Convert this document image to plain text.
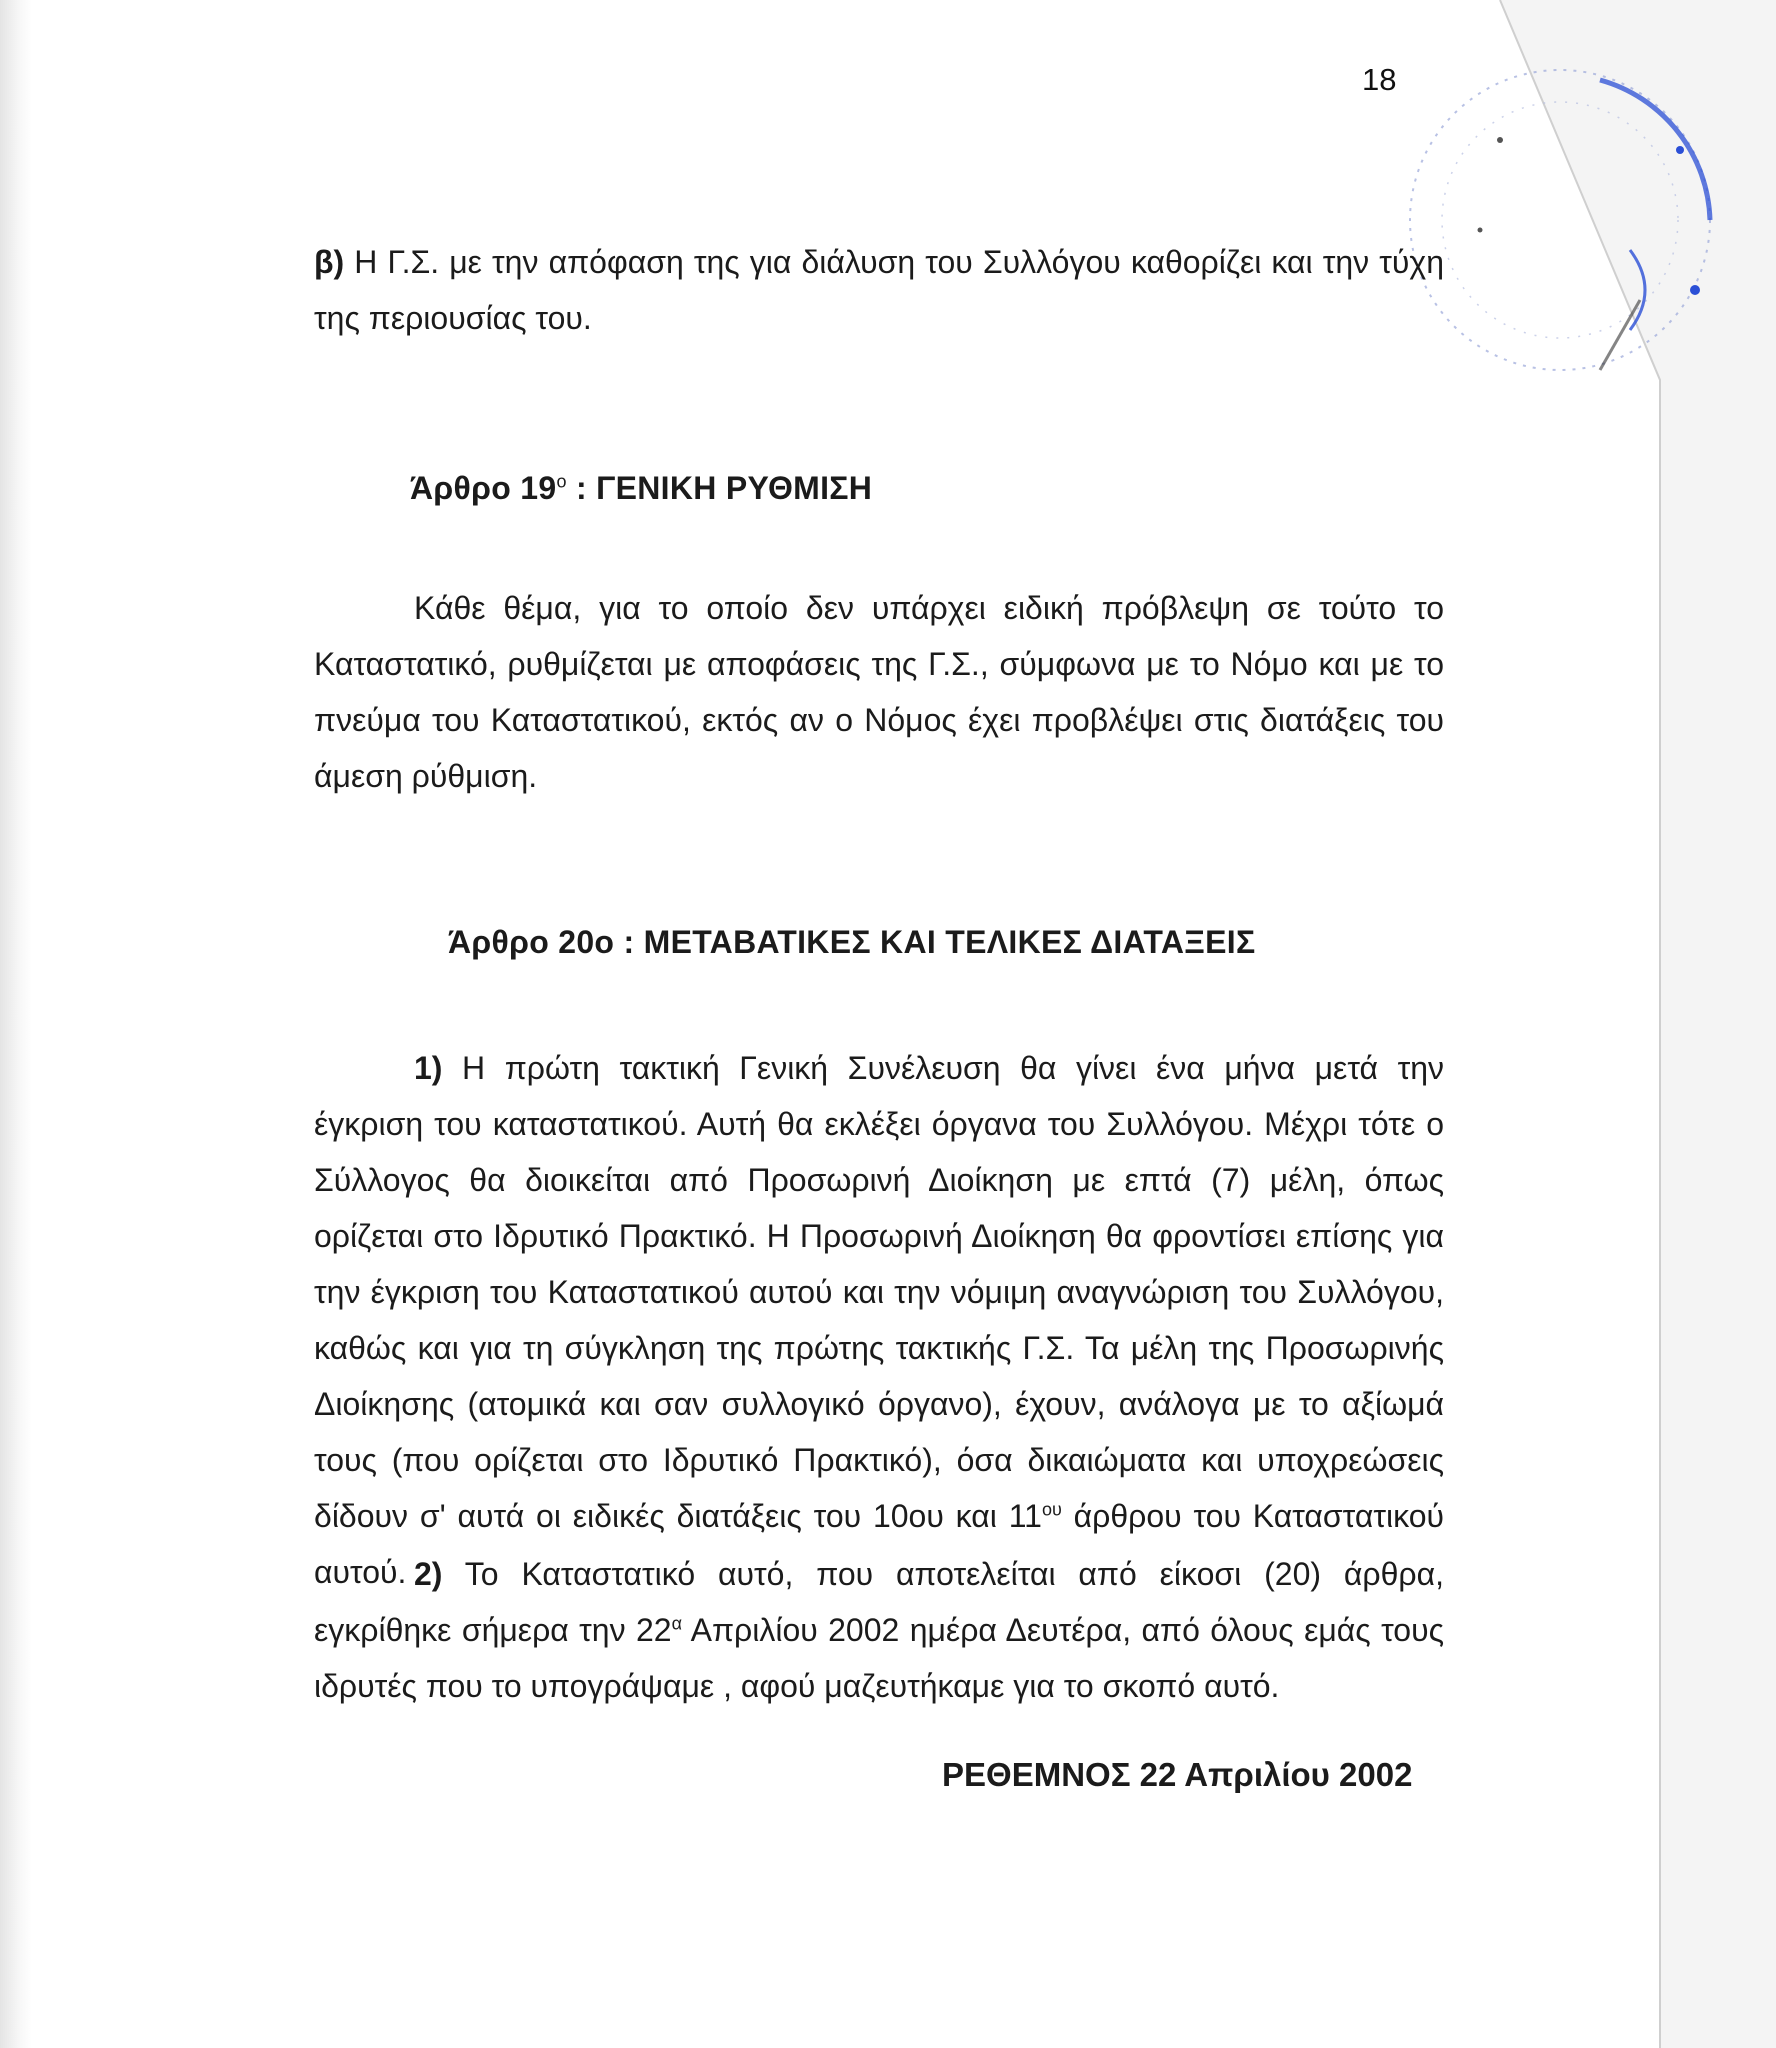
18
β) Η Γ.Σ. με την απόφαση της για διάλυση του Συλλόγου καθορίζει και την τύχη της περιουσίας του.
Άρθρο $19^o$ : ΓΕΝΙΚΗ ΡΥΘΜΙΣΗ
Κάθε θέμα, για το οποίο δεν υπάρχει ειδική πρόβλεψη σε τούτο το Καταστατικό, ρυθμίζεται με αποφάσεις της Γ.Σ., σύμφωνα με το Νόμο και με το πνεύμα του Καταστατικού, εκτός αν ο Νόμος έχει προβλέψει στις διατάξεις του άμεση ρύθμιση.
Άρθρο 20ο : ΜΕΤΑΒΑΤΙΚΕΣ ΚΑΙ ΤΕΛΙΚΕΣ ΔΙΑΤΑΞΕΙΣ
1) Η πρώτη τακτική Γενική Συνέλευση θα γίνει ένα μήνα μετά την έγκριση του καταστατικού. Αυτή θα εκλέξει όργανα του Συλλόγου. Μέχρι τότε ο Σύλλογος θα διοικείται από Προσωρινή Διοίκηση με επτά (7) μέλη, όπως ορίζεται στο Ιδρυτικό Πρακτικό. Η Προσωρινή Διοίκηση θα φροντίσει επίσης για την έγκριση του Καταστατικού αυτού και την νόμιμη αναγνώριση του Συλλόγου, καθώς και για τη σύγκληση της πρώτης τακτικής Γ.Σ. Τα μέλη της Προσωρινής Διοίκησης (ατομικά και σαν συλλογικό όργανο), έχουν, ανάλογα με το αξίωμά τους (που ορίζεται στο Ιδρυτικό Πρακτικό), όσα δικαιώματα και υποχρεώσεις δίδουν σ' αυτά οι ειδικές διατάξεις του 10ου και $11^{o\upsilon}$ άρθρου του Καταστατικού αυτού. 2) Το Καταστατικό αυτό, που αποτελείται από είκοσι (20) άρθρα, εγκρίθηκε σήμερα την $22^\alpha$ Απριλίου 2002 ημέρα Δευτέρα, από όλους εμάς τους ιδρυτές που το υπογράψαμε , αφού μαζευτήκαμε για το σκοπό αυτό.
ΡΕΘΕΜΝΟΣ 22 Απριλίου 2002
